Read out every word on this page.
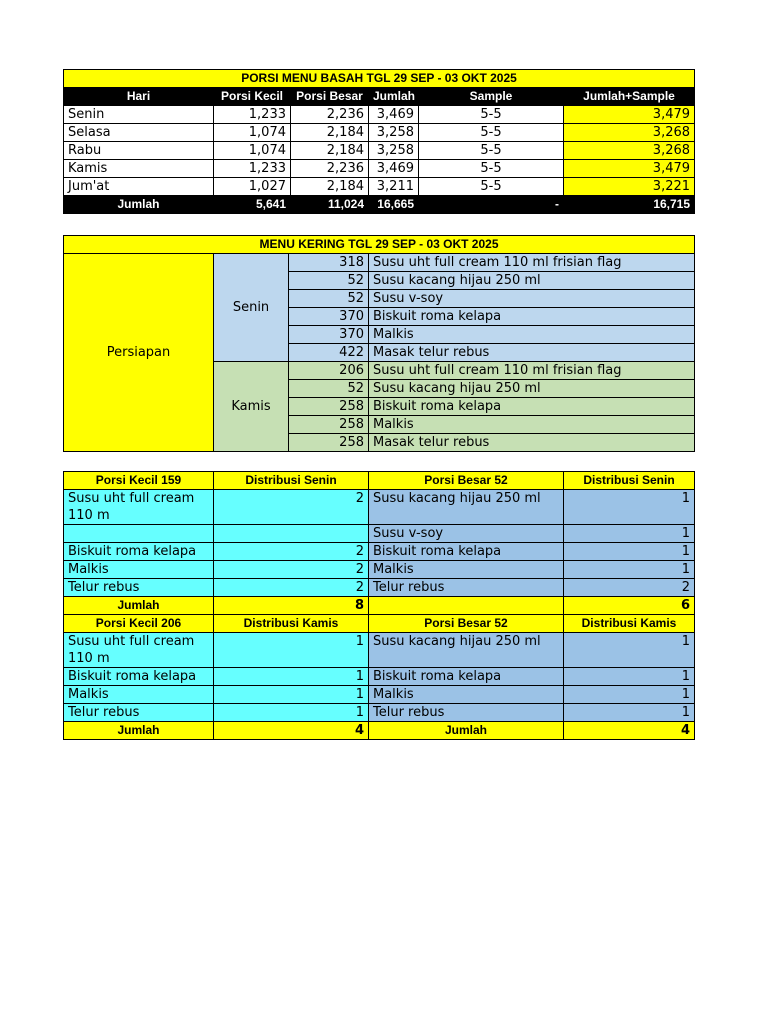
PORSI MENU BASAH TGL 29 SEP - 03 OKT 2025					
Hari	Porsi Kecil	Porsi Besar	Jumlah	Sample	Jumlah+Sample
Senin	1,233	2,236	3,469	5-5	3,479
Selasa	1,074	2,184	3,258	5-5	3,268
Rabu	1,074	2,184	3,258	5-5	3,268
Kamis	1,233	2,236	3,469	5-5	3,479
Jum'at	1,027	2,184	3,211	5-5	3,221
Jumlah	5,641	11,024	16,665	-	16,715
MENU KERING TGL 29 SEP - 03 OKT 2025			
Persiapan	Senin	318	Susu uht full cream 110 ml frisian flag
		52	Susu kacang hijau 250 ml
		52	Susu v-soy
		370	Biskuit roma kelapa
		370	Malkis
		422	Masak telur rebus
	Kamis	206	Susu uht full cream 110 ml frisian flag
		52	Susu kacang hijau 250 ml
		258	Biskuit roma kelapa
		258	Malkis
		258	Masak telur rebus
Porsi Kecil 159	Distribusi Senin	Porsi Besar 52	Distribusi Senin
Susu uht full cream 110 m	2	Susu kacang hijau 250 ml	1
		Susu v-soy	1
Biskuit roma kelapa	2	Biskuit roma kelapa	1
Malkis	2	Malkis	1
Telur rebus	2	Telur rebus	2
Jumlah	8		6
Porsi Kecil 206	Distribusi Kamis	Porsi Besar 52	Distribusi Kamis
Susu uht full cream 110 m	1	Susu kacang hijau 250 ml	1
Biskuit roma kelapa	1	Biskuit roma kelapa	1
Malkis	1	Malkis	1
Telur rebus	1	Telur rebus	1
Jumlah	4	Jumlah	4
